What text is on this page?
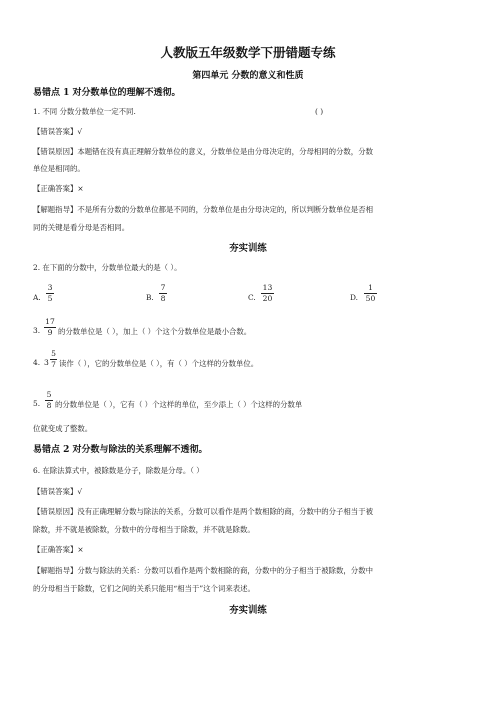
人教版五年级数学下册错题专练
第四单元 分数的意义和性质
易错点 1 对分数单位的理解不透彻。
1. 不同 分数分数单位一定不同.	( )
【错误答案】√
【错误原因】本题错在没有真正理解分数单位的意义，分数单位是由分母决定的，分母相同的分数，分数
单位是相同的。
【正确答案】×
【解题指导】不是所有分数的分数单位都是不同的，分数单位是由分母决定的，所以判断分数单位是否相
同的关键是看分母是否相同。
夯实训练
2. 在下面的分数中，分数单位最大的是（ ）。
A.
3
5	B.
7
8	C.
13
20	D.
1
50
3.
17
9 的分数单位是（ ），加上（ ）个这个分数单位是最小合数。
4. 3
5
7 读作（ ），它的分数单位是（ ），有（ ）个这样的分数单位。
5.
5
8 的分数单位是（ ），它有（ ）个这样的单位，至少添上（ ）个这样的分数单
位就变成了整数。
易错点 2 对分数与除法的关系理解不透彻。
6. 在除法算式中，被除数是分子，除数是分母。（ ）
【错误答案】√
【错误原因】没有正确理解分数与除法的关系，分数可以看作是两个数相除的商，分数中的分子相当于被
除数，并不就是被除数，分数中的分母相当于除数，并不就是除数。
【正确答案】×
【解题指导】分数与除法的关系：分数可以看作是两个数相除的商，分数中的分子相当于被除数，分数中
的分母相当于除数，它们之间的关系只能用“相当于”这个词来表述。
夯实训练
